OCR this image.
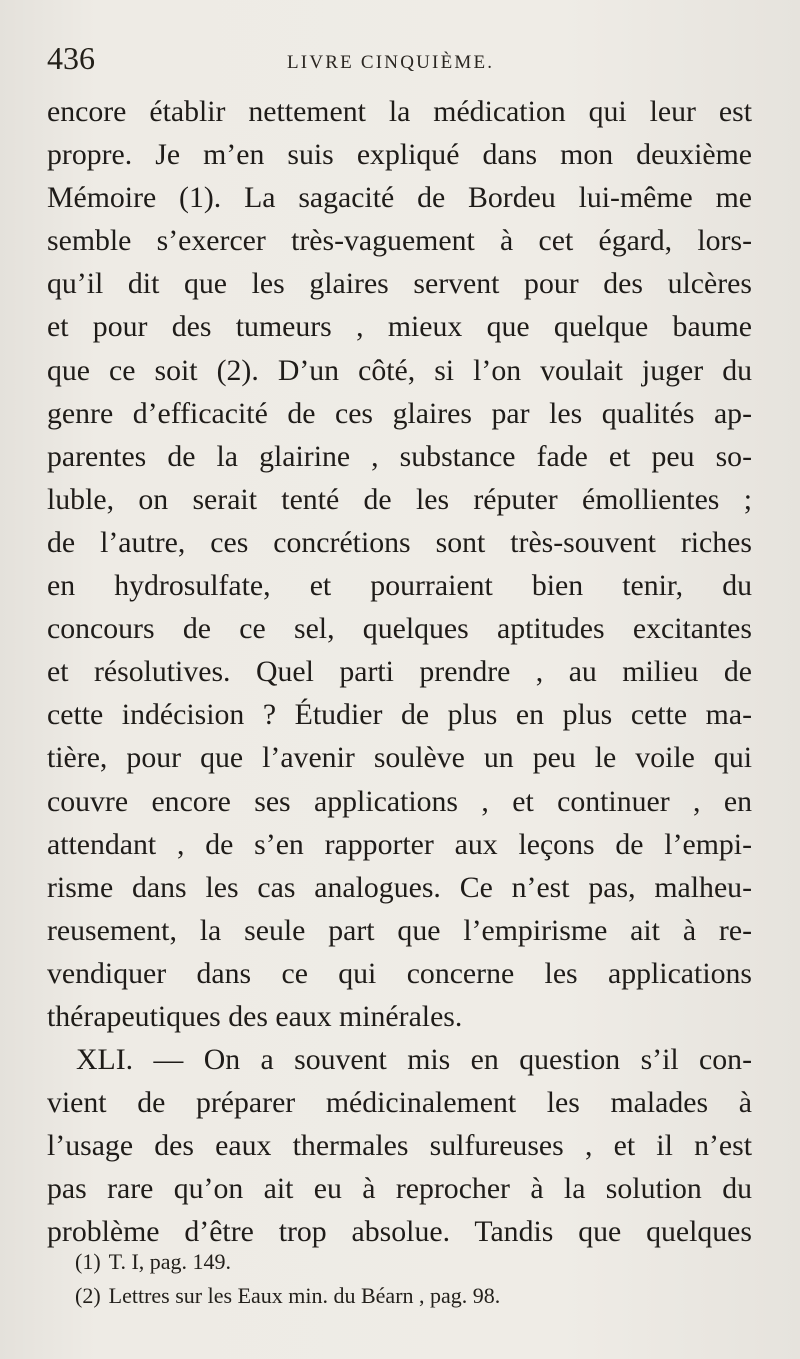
436	LIVRE CINQUIÈME.
encore établir nettement la médication qui leur est
propre. Je m’en suis expliqué dans mon deuxième
Mémoire (1). La sagacité de Bordeu lui-même me
semble s’exercer très-vaguement à cet égard, lors-
qu’il dit que les glaires servent pour des ulcères
et pour des tumeurs , mieux que quelque baume
que ce soit (2). D’un côté, si l’on voulait juger du
genre d’efficacité de ces glaires par les qualités ap-
parentes de la glairine , substance fade et peu so-
luble, on serait tenté de les réputer émollientes ;
de l’autre, ces concrétions sont très-souvent riches
en hydrosulfate, et pourraient bien tenir, du
concours de ce sel, quelques aptitudes excitantes
et résolutives. Quel parti prendre , au milieu de
cette indécision ? Étudier de plus en plus cette ma-
tière, pour que l’avenir soulève un peu le voile qui
couvre encore ses applications , et continuer , en
attendant , de s’en rapporter aux leçons de l’empi-
risme dans les cas analogues. Ce n’est pas, malheu-
reusement, la seule part que l’empirisme ait à re-
vendiquer dans ce qui concerne les applications
thérapeutiques des eaux minérales.
XLI. — On a souvent mis en question s’il con-
vient de préparer médicinalement les malades à
l’usage des eaux thermales sulfureuses , et il n’est
pas rare qu’on ait eu à reprocher à la solution du
problème d’être trop absolue. Tandis que quelques
(1) T. I, pag. 149.
(2) Lettres sur les Eaux min. du Béarn , pag. 98.
